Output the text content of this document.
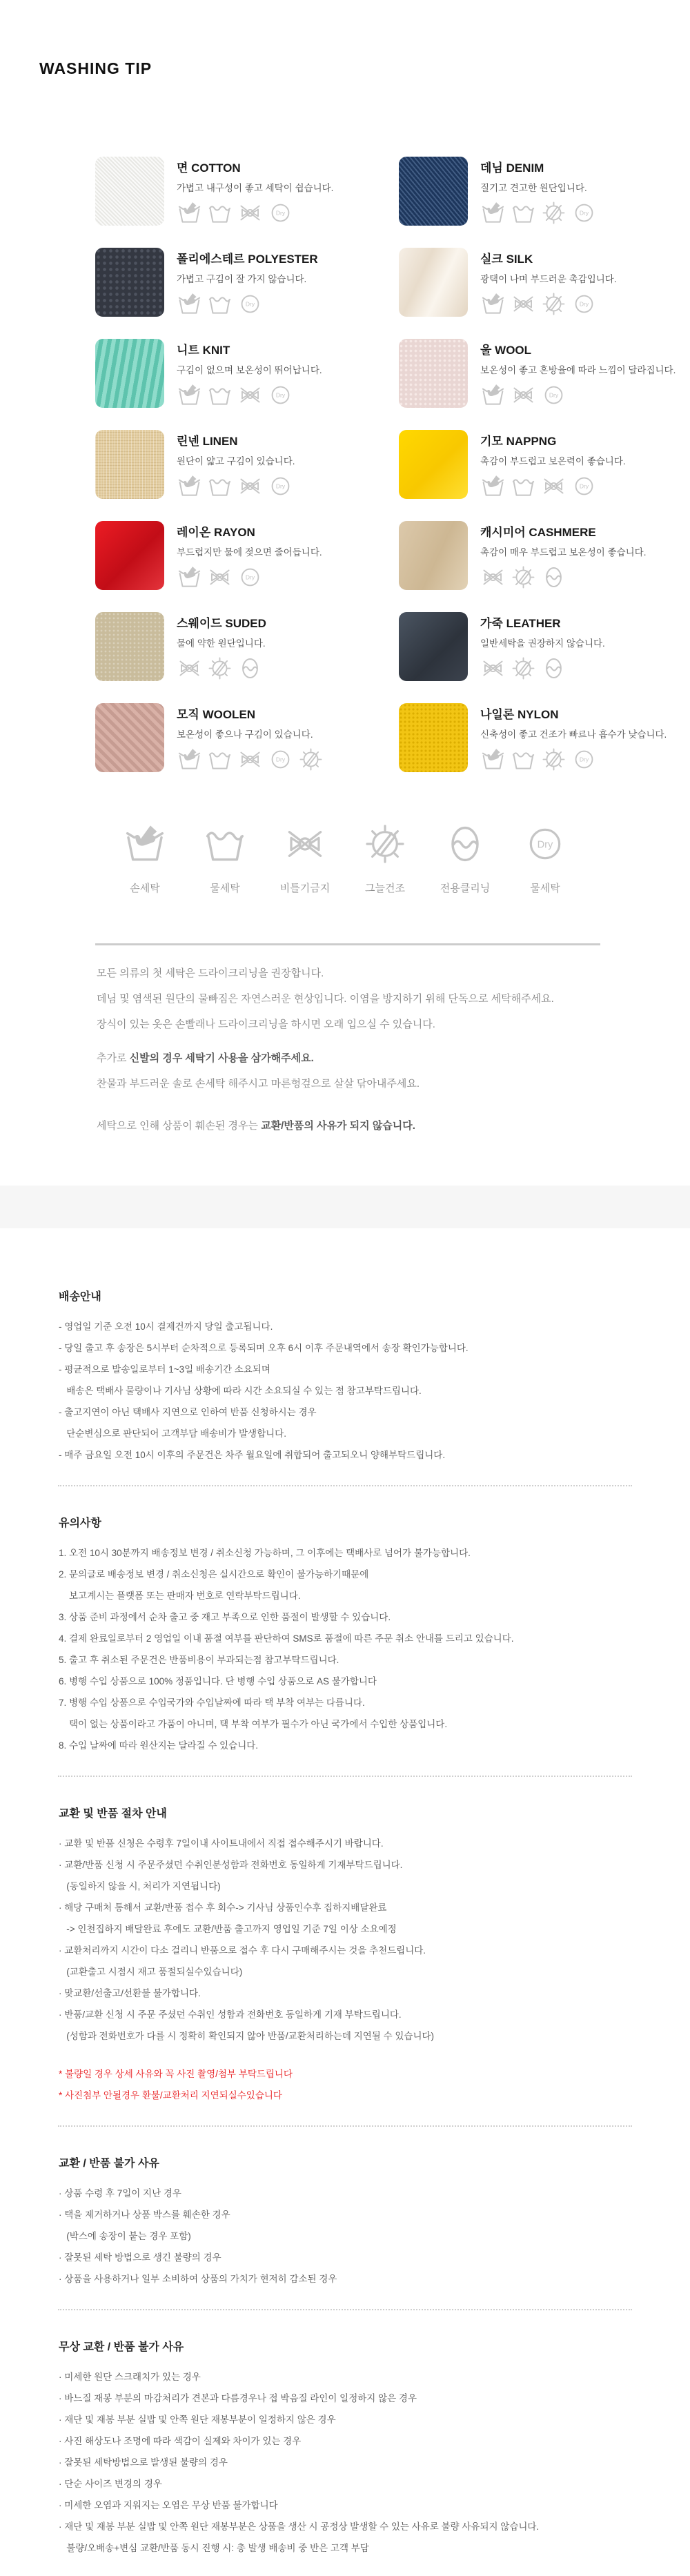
WASHING TIP
면 COTTON
가볍고 내구성이 좋고 세탁이 쉽습니다.
데님 DENIM
질기고 견고한 원단입니다.
폴리에스테르 POLYESTER
가볍고 구김이 잘 가지 않습니다.
실크 SILK
광택이 나며 부드러운 촉감입니다.
니트 KNIT
구김이 없으며 보온성이 뛰어납니다.
울 WOOL
보온성이 좋고 혼방율에 따라 느낌이 달라집니다.
린넨 LINEN
원단이 얇고 구김이 있습니다.
기모 NAPPNG
촉감이 부드럽고 보온력이 좋습니다.
레이온 RAYON
부드럽지만 물에 젖으면 줄어듭니다.
캐시미어 CASHMERE
촉감이 매우 부드럽고 보온성이 좋습니다.
스웨이드 SUDED
물에 약한 원단입니다.
가죽 LEATHER
일반세탁을 권장하지 않습니다.
모직 WOOLEN
보온성이 좋으나 구김이 있습니다.
나일론 NYLON
신축성이 좋고 건조가 빠르나 흡수가 낮습니다.
손세탁	물세탁	비틀기금지	그늘건조	전용클리닝	물세탁
모든 의류의 첫 세탁은 드라이크리닝을 권장합니다.
데님 및 염색된 원단의 물빠짐은 자연스러운 현상입니다. 이염을 방지하기 위해 단독으로 세탁해주세요.
장식이 있는 옷은 손빨래나 드라이크리닝을 하시면 오래 입으실 수 있습니다.
추가로 신발의 경우 세탁기 사용을 삼가해주세요.
찬물과 부드러운 솔로 손세탁 해주시고 마른헝겊으로 살살 닦아내주세요.
세탁으로 인해 상품이 훼손된 경우는 교환/반품의 사유가 되지 않습니다.
배송안내

- 영업일 기준 오전 10시 결제건까지 당일 출고됩니다.

- 당일 출고 후 송장은 5시부터 순차적으로 등록되며 오후 6시 이후 주문내역에서 송장 확인가능합니다.

- 평균적으로 발송일로부터 1~3일 배송기간 소요되며

배송은 택배사 물량이나 기사님 상황에 따라 시간 소요되실 수 있는 점 참고부탁드립니다.

- 출고지연이 아닌 택배사 지연으로 인하여 반품 신청하시는 경우

단순변심으로 판단되어 고객부담 배송비가 발생합니다.

- 매주 금요일 오전 10시 이후의 주문건은 차주 월요일에 취합되어 출고되오니 양해부탁드립니다.

유의사항

1. 오전 10시 30분까지 배송정보 변경 / 취소신청 가능하며, 그 이후에는 택배사로 넘어가 불가능합니다.

2. 문의글로 배송정보 변경 / 취소신청은 실시간으로 확인이 불가능하기때문에

보고계시는 플랫폼 또는 판매자 번호로 연락부탁드립니다.

3. 상품 준비 과정에서 순차 출고 중 재고 부족으로 인한 품절이 발생할 수 있습니다.

4. 결제 완료일로부터 2 영업일 이내 품절 여부를 판단하여 SMS로 품절에 따른 주문 취소 안내를 드리고 있습니다.

5. 출고 후 취소된 주문건은 반품비용이 부과되는점 참고부탁드립니다.

6. 병행 수입 상품으로 100% 정품입니다. 단 병행 수입 상품으로 AS 불가합니다

7. 병행 수입 상품으로 수입국가와 수입날짜에 따라 택 부착 여부는 다릅니다.

택이 없는 상품이라고 가품이 아니며, 택 부착 여부가 필수가 아닌 국가에서 수입한 상품입니다.

8. 수입 날짜에 따라 원산지는 달라질 수 있습니다.

교환 및 반품 절차 안내

· 교환 및 반품 신청은 수령후 7일이내 사이트내에서 직접 접수해주시기 바랍니다.

· 교환/반품 신청 시 주문주셨던 수취인분성함과 전화번호 동일하게 기재부탁드립니다.

(동일하지 않을 시, 처리가 지연됩니다)

· 해당 구매처 통해서 교환/반품 접수 후 회수-> 기사님 상품인수후 집하지배달완료

-> 인천집하지 배달완료 후에도 교환/반품 출고까지 영업일 기준 7일 이상 소요예정

· 교환처리까지 시간이 다소 걸리니 반품으로 접수 후 다시 구매해주시는 것을 추천드립니다.

(교환출고 시점시 재고 품절되실수있습니다)

· 맞교환/선출고/선환불 불가합니다.

· 반품/교환 신청 시 주문 주셨던 수취인 성함과 전화번호 동일하게 기재 부탁드립니다.

(성함과 전화번호가 다를 시 정확히 확인되지 않아 반품/교환처리하는데 지연될 수 있습니다)

* 불량일 경우 상세 사유와 꼭 사진 촬영/첨부 부탁드립니다

* 사진첨부 안될경우 환불/교환처리 지연되실수있습니다

교환 / 반품 불가 사유

· 상품 수령 후 7일이 지난 경우

· 택을 제거하거나 상품 박스를 훼손한 경우

(박스에 송장이 붙는 경우 포함)

· 잘못된 세탁 방법으로 생긴 불량의 경우

· 상품을 사용하거나 일부 소비하여 상품의 가치가 현저히 감소된 경우

무상 교환 / 반품 불가 사유

· 미세한 원단 스크래치가 있는 경우

· 바느질 재봉 부분의 마감처리가 견본과 다름경우나 접 박음질 라인이 일정하지 않은 경우

· 재단 및 재봉 부분 실밥 및 안쪽 원단 재봉부분이 일정하지 않은 경우

· 사진 해상도나 조명에 따라 색감이 실제와 차이가 있는 경우

· 잘못된 세탁방법으로 발생된 불량의 경우

· 단순 사이즈 변경의 경우

· 미세한 오염과 지워지는 오염은 무상 반품 불가합니다

· 재단 및 재봉 부분 실밥 및 안쪽 원단 재봉부분은 상품을 생산 시 공정상 발생할 수 있는 사유로 불량 사유되지 않습니다.

불량/오배송+변심 교환/반품 동시 진행 시: 총 발생 배송비 중 반은 고객 부담
